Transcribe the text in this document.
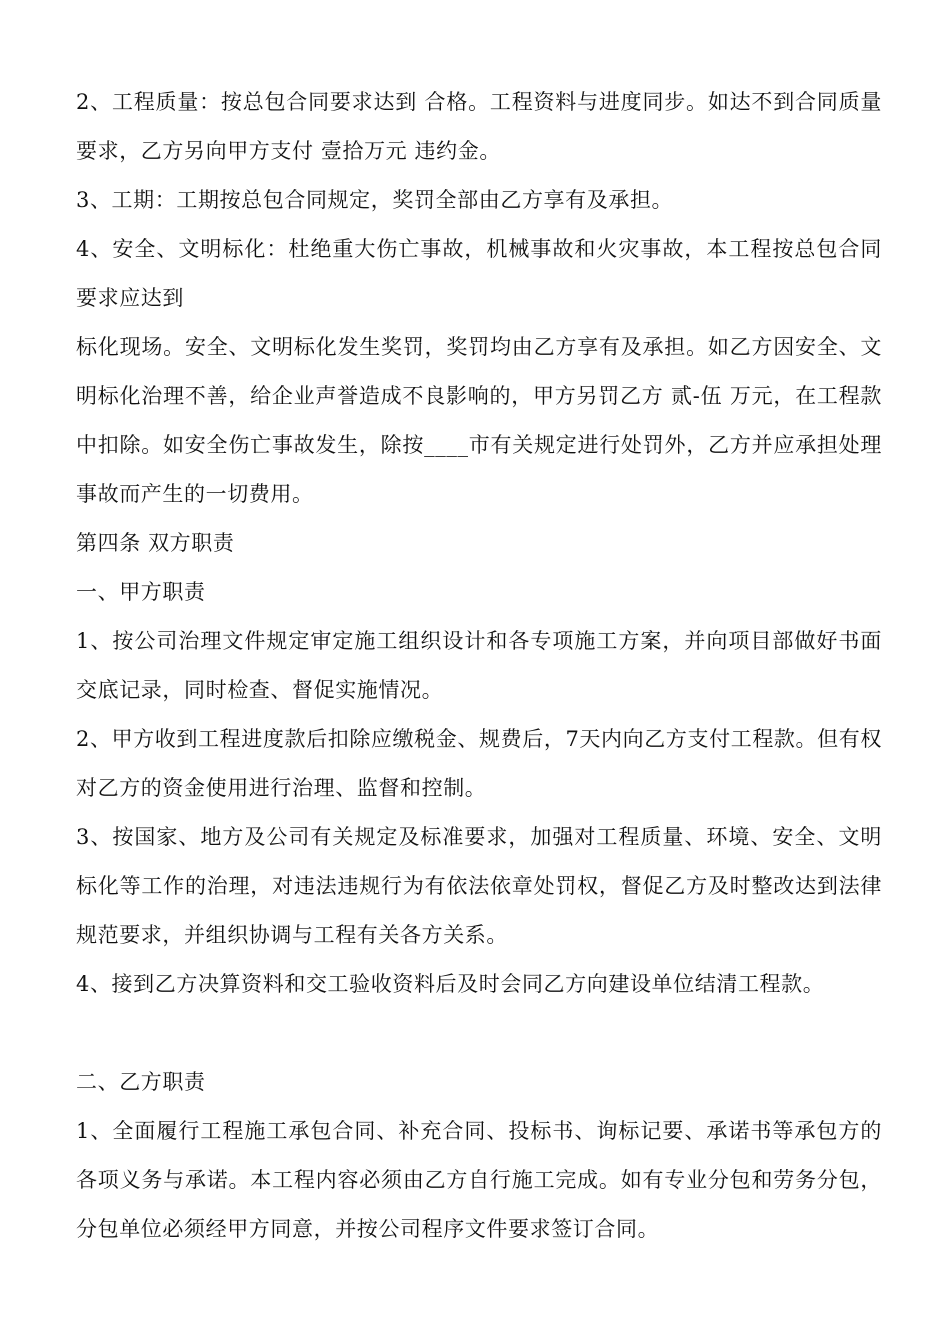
2、工程质量：按总包合同要求达到 合格。工程资料与进度同步。如达不到合同质量要求，乙方另向甲方支付 壹拾万元 违约金。

3、工期：工期按总包合同规定，奖罚全部由乙方享有及承担。

4、安全、文明标化：杜绝重大伤亡事故，机械事故和火灾事故，本工程按总包合同要求应达到

标化现场。安全、文明标化发生奖罚，奖罚均由乙方享有及承担。如乙方因安全、文明标化治理不善，给企业声誉造成不良影响的，甲方另罚乙方 贰-伍 万元，在工程款中扣除。如安全伤亡事故发生，除按____市有关规定进行处罚外，乙方并应承担处理事故而产生的一切费用。

第四条 双方职责

一、甲方职责

1、按公司治理文件规定审定施工组织设计和各专项施工方案，并向项目部做好书面交底记录，同时检查、督促实施情况。

2、甲方收到工程进度款后扣除应缴税金、规费后，7天内向乙方支付工程款。但有权对乙方的资金使用进行治理、监督和控制。

3、按国家、地方及公司有关规定及标准要求，加强对工程质量、环境、安全、文明标化等工作的治理，对违法违规行为有依法依章处罚权，督促乙方及时整改达到法律规范要求，并组织协调与工程有关各方关系。

4、接到乙方决算资料和交工验收资料后及时会同乙方向建设单位结清工程款。

二、乙方职责

1、全面履行工程施工承包合同、补充合同、投标书、询标记要、承诺书等承包方的各项义务与承诺。本工程内容必须由乙方自行施工完成。如有专业分包和劳务分包，分包单位必须经甲方同意，并按公司程序文件要求签订合同。
